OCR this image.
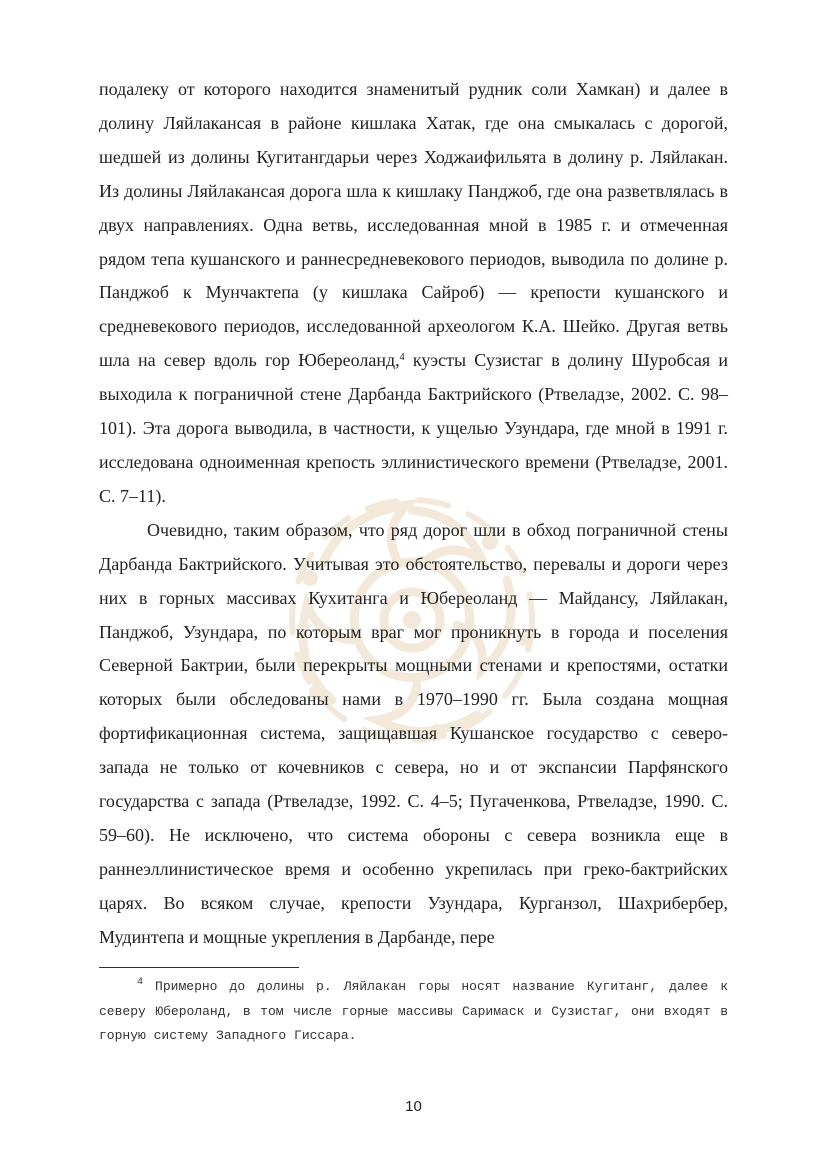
подалеку от которого находится знаменитый рудник соли Хамкан) и далее в долину Ляйлакансая в районе кишлака Хатак, где она смыкалась с дорогой, шедшей из долины Кугитангдарьи через Ходжаифильята в долину р. Ляйлакан. Из долины Ляйлакансая дорога шла к кишлаку Панджоб, где она разветвлялась в двух направлениях. Одна ветвь, исследованная мной в 1985 г. и отмеченная рядом тепа кушанского и раннесредневекового периодов, выводила по долине р. Панджоб к Мунчактепа (у кишлака Сайроб) — крепости кушанского и средневекового периодов, исследованной археологом К.А. Шейко. Другая ветвь шла на север вдоль гор Юбереоланд,$^4$ куэсты Сузистаг в долину Шуробсая и выходила к пограничной стене Дарбанда Бактрийского (Ртвеладзе, 2002. С. 98–101). Эта дорога выводила, в частности, к ущелью Узундара, где мной в 1991 г. исследована одноименная крепость эллинистического времени (Ртвеладзе, 2001. С. 7–11).

Очевидно, таким образом, что ряд дорог шли в обход пограничной стены Дарбанда Бактрийского. Учитывая это обстоятельство, перевалы и дороги через них в горных массивах Кухитанга и Юбереоланд — Майдансу, Ляйлакан, Панджоб, Узундара, по которым враг мог проникнуть в города и поселения Северной Бактрии, были перекрыты мощными стенами и крепостями, остатки которых были обследованы нами в 1970–1990 гг. Была создана мощная фортификационная система, защищавшая Кушанское государство с северо-запада не только от кочевников с севера, но и от экспансии Парфянского государства с запада (Ртвеладзе, 1992. С. 4–5; Пугаченкова, Ртвеладзе, 1990. С. 59–60). Не исключено, что система обороны с севера возникла еще в раннеэллинистическое время и особенно укрепилась при греко-бактрийских царях. Во всяком случае, крепости Узундара, Курганзол, Шахрибербер, Мудинтепа и мощные укрепления в Дарбанде, пере

$^4$ Примерно до долины р. Ляйлакан горы носят название Кугитанг, далее к северу Юбероланд, в том числе горные массивы Саримаск и Сузистаг, они входят в горную систему Западного Гиссара.

10
